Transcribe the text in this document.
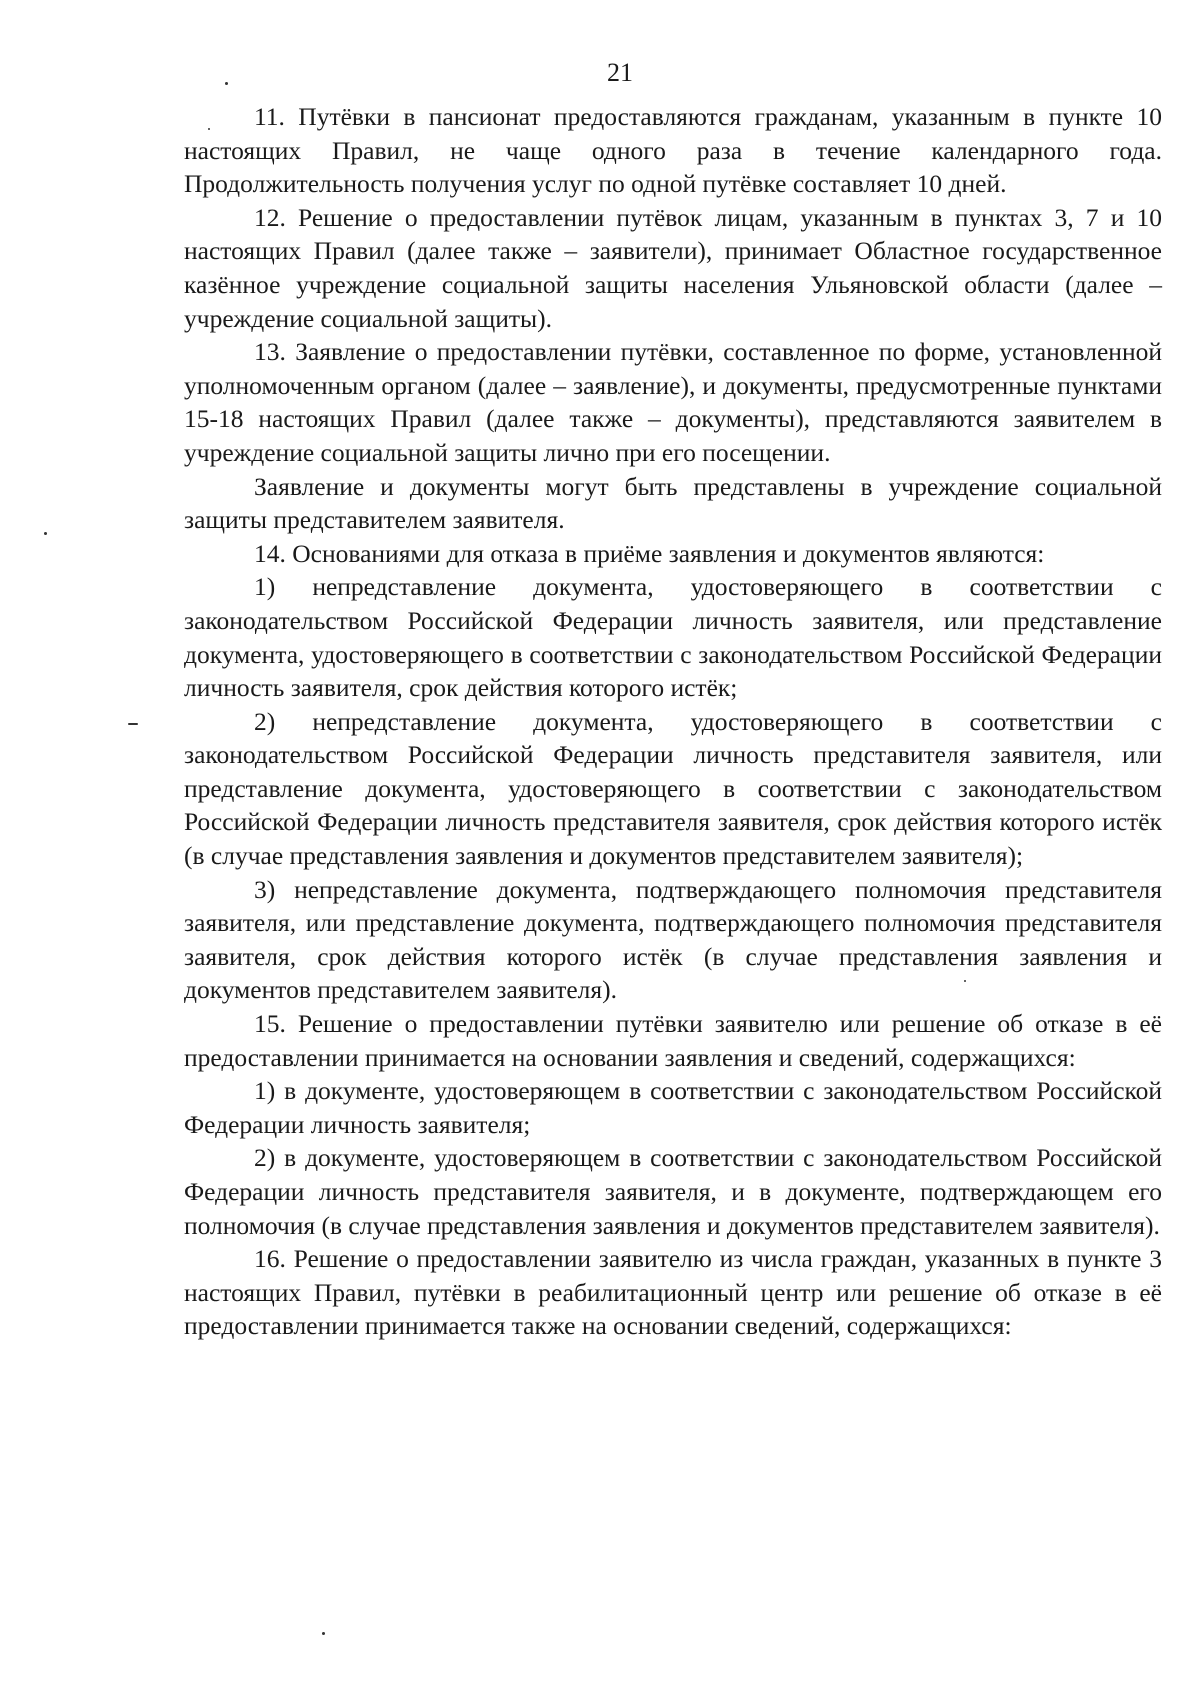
21

11. Путёвки в пансионат предоставляются гражданам, указанным в пункте 10 настоящих Правил, не чаще одного раза в течение календарного года. Продолжительность получения услуг по одной путёвке составляет 10 дней.

12. Решение о предоставлении путёвок лицам, указанным в пунктах 3, 7 и 10 настоящих Правил (далее также – заявители), принимает Областное государственное казённое учреждение социальной защиты населения Ульяновской области (далее – учреждение социальной защиты).

13. Заявление о предоставлении путёвки, составленное по форме, установленной уполномоченным органом (далее – заявление), и документы, предусмотренные пунктами 15-18 настоящих Правил (далее также – документы), представляются заявителем в учреждение социальной защиты лично при его посещении.

Заявление и документы могут быть представлены в учреждение социальной защиты представителем заявителя.

14. Основаниями для отказа в приёме заявления и документов являются:

1) непредставление документа, удостоверяющего в соответствии с законодательством Российской Федерации личность заявителя, или представление документа, удостоверяющего в соответствии с законодательством Российской Федерации личность заявителя, срок действия которого истёк;

2) непредставление документа, удостоверяющего в соответствии с законодательством Российской Федерации личность представителя заявителя, или представление документа, удостоверяющего в соответствии с законодательством Российской Федерации личность представителя заявителя, срок действия которого истёк (в случае представления заявления и документов представителем заявителя);

3) непредставление документа, подтверждающего полномочия представителя заявителя, или представление документа, подтверждающего полномочия представителя заявителя, срок действия которого истёк (в случае представления заявления и документов представителем заявителя).

15. Решение о предоставлении путёвки заявителю или решение об отказе в её предоставлении принимается на основании заявления и сведений, содержащихся:

1) в документе, удостоверяющем в соответствии с законодательством Российской Федерации личность заявителя;

2) в документе, удостоверяющем в соответствии с законодательством Российской Федерации личность представителя заявителя, и в документе, подтверждающем его полномочия (в случае представления заявления и документов представителем заявителя).

16. Решение о предоставлении заявителю из числа граждан, указанных в пункте 3 настоящих Правил, путёвки в реабилитационный центр или решение об отказе в её предоставлении принимается также на основании сведений, содержащихся:
